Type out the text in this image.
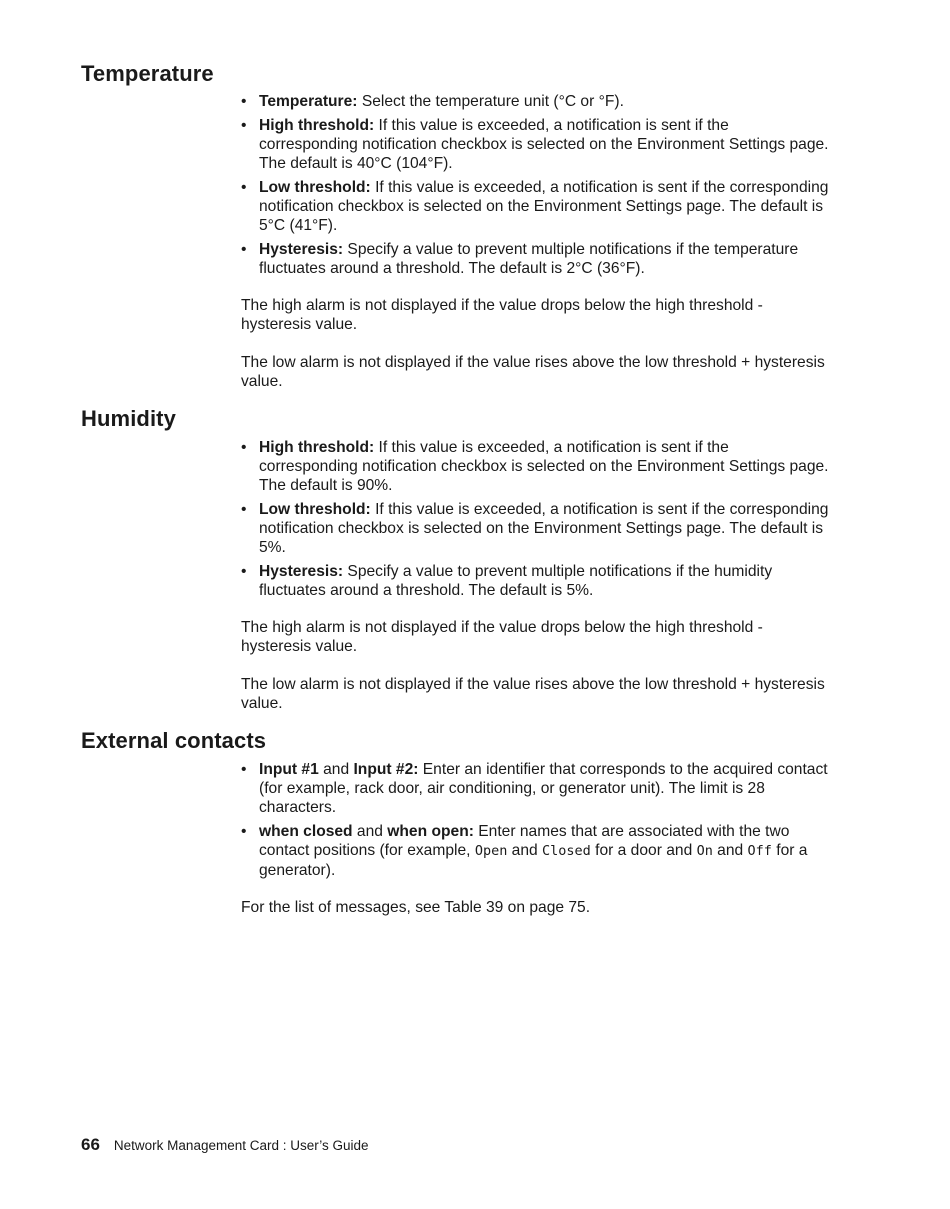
Temperature
• Temperature: Select the temperature unit (°C or °F).
• High threshold: If this value is exceeded, a notification is sent if the corresponding notification checkbox is selected on the Environment Settings page. The default is 40°C (104°F).
• Low threshold: If this value is exceeded, a notification is sent if the corresponding notification checkbox is selected on the Environment Settings page. The default is 5°C (41°F).
• Hysteresis: Specify a value to prevent multiple notifications if the temperature fluctuates around a threshold. The default is 2°C (36°F).

The high alarm is not displayed if the value drops below the high threshold - hysteresis value.

The low alarm is not displayed if the value rises above the low threshold + hysteresis value.

Humidity
• High threshold: If this value is exceeded, a notification is sent if the corresponding notification checkbox is selected on the Environment Settings page. The default is 90%.
• Low threshold: If this value is exceeded, a notification is sent if the corresponding notification checkbox is selected on the Environment Settings page. The default is 5%.
• Hysteresis: Specify a value to prevent multiple notifications if the humidity fluctuates around a threshold. The default is 5%.

The high alarm is not displayed if the value drops below the high threshold - hysteresis value.

The low alarm is not displayed if the value rises above the low threshold + hysteresis value.

External contacts
• Input #1 and Input #2: Enter an identifier that corresponds to the acquired contact (for example, rack door, air conditioning, or generator unit). The limit is 28 characters.
• when closed and when open: Enter names that are associated with the two contact positions (for example, Open and Closed for a door and On and Off for a generator).

For the list of messages, see Table 39 on page 75.

66 Network Management Card : User’s Guide
